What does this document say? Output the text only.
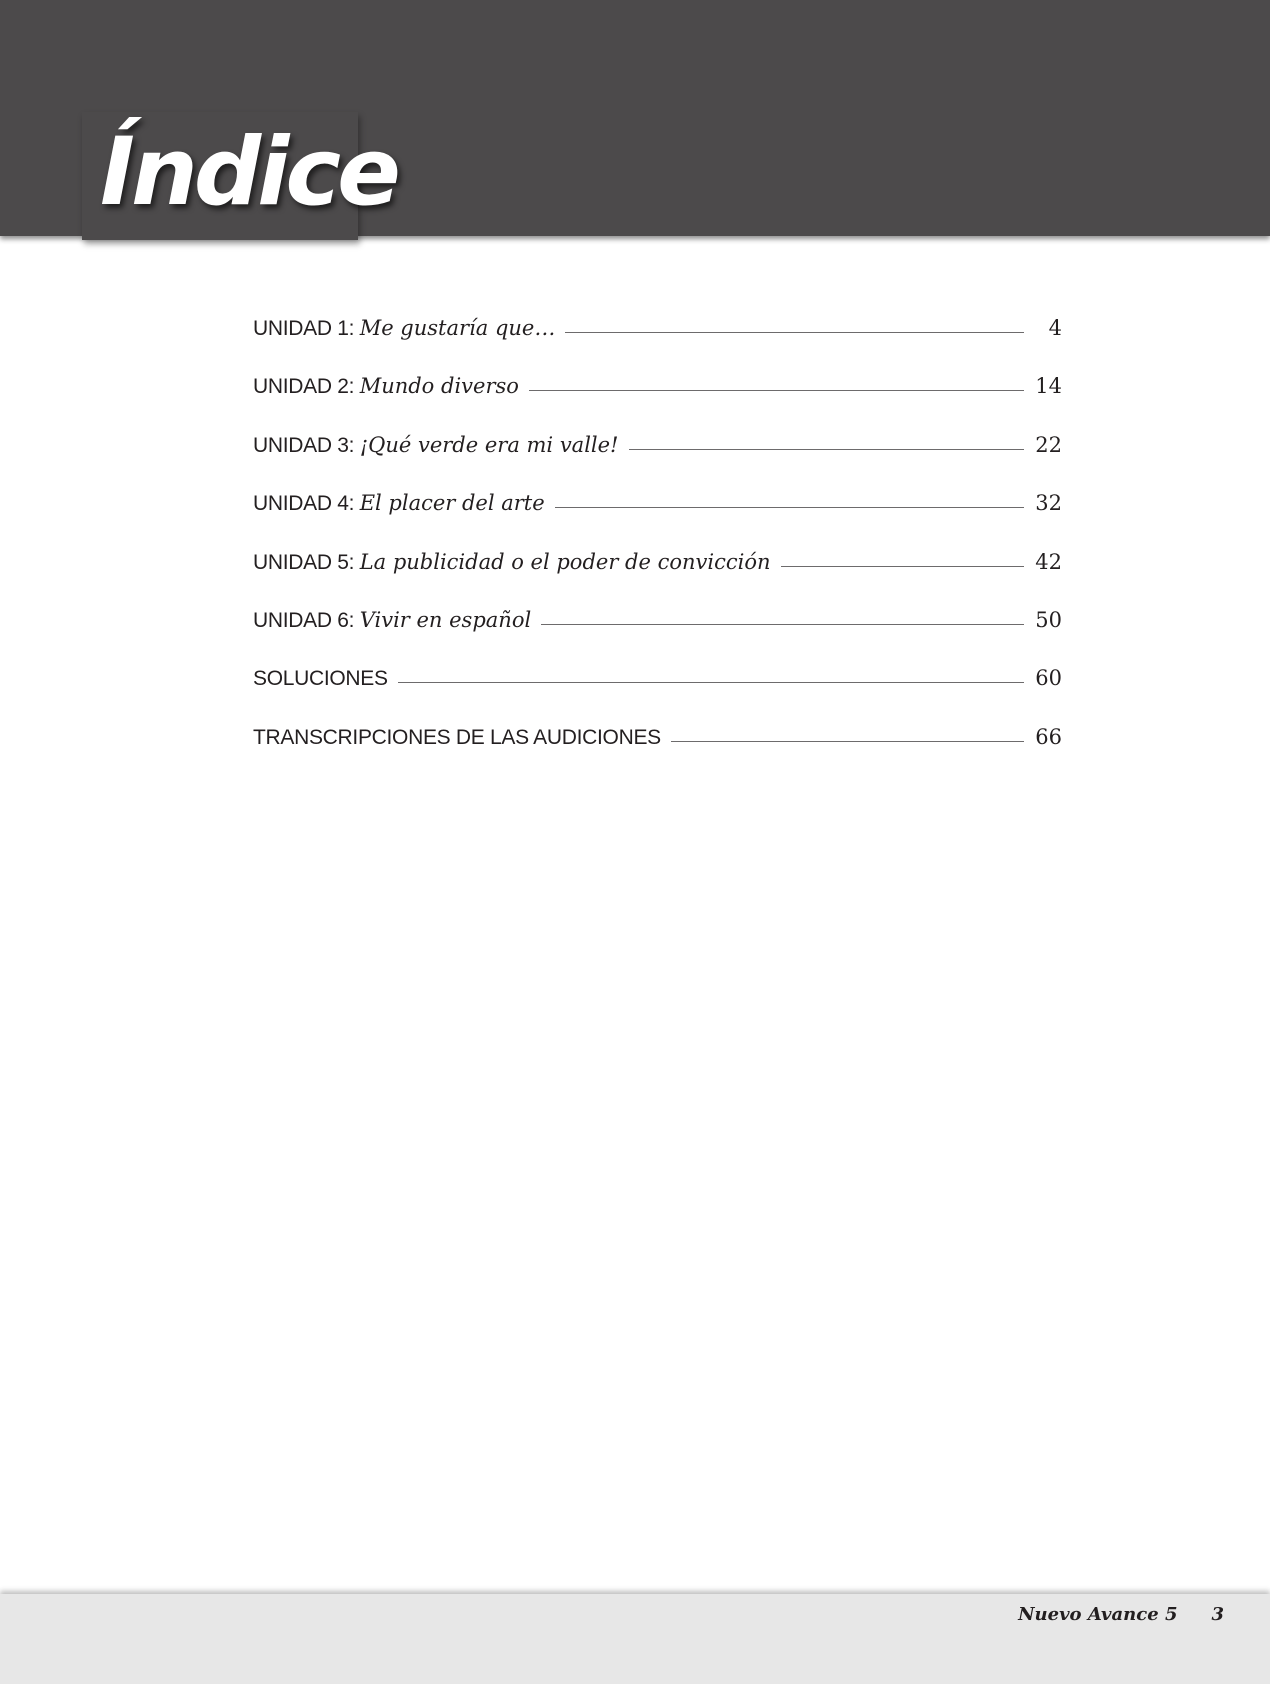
Índice
UNIDAD 1: Me gustaría que…	4
UNIDAD 2: Mundo diverso	14
UNIDAD 3: ¡Qué verde era mi valle!	22
UNIDAD 4: El placer del arte	32
UNIDAD 5: La publicidad o el poder de convicción	42
UNIDAD 6: Vivir en español	50
SOLUCIONES	60
TRANSCRIPCIONES DE LAS AUDICIONES	66
Nuevo Avance 5 3
